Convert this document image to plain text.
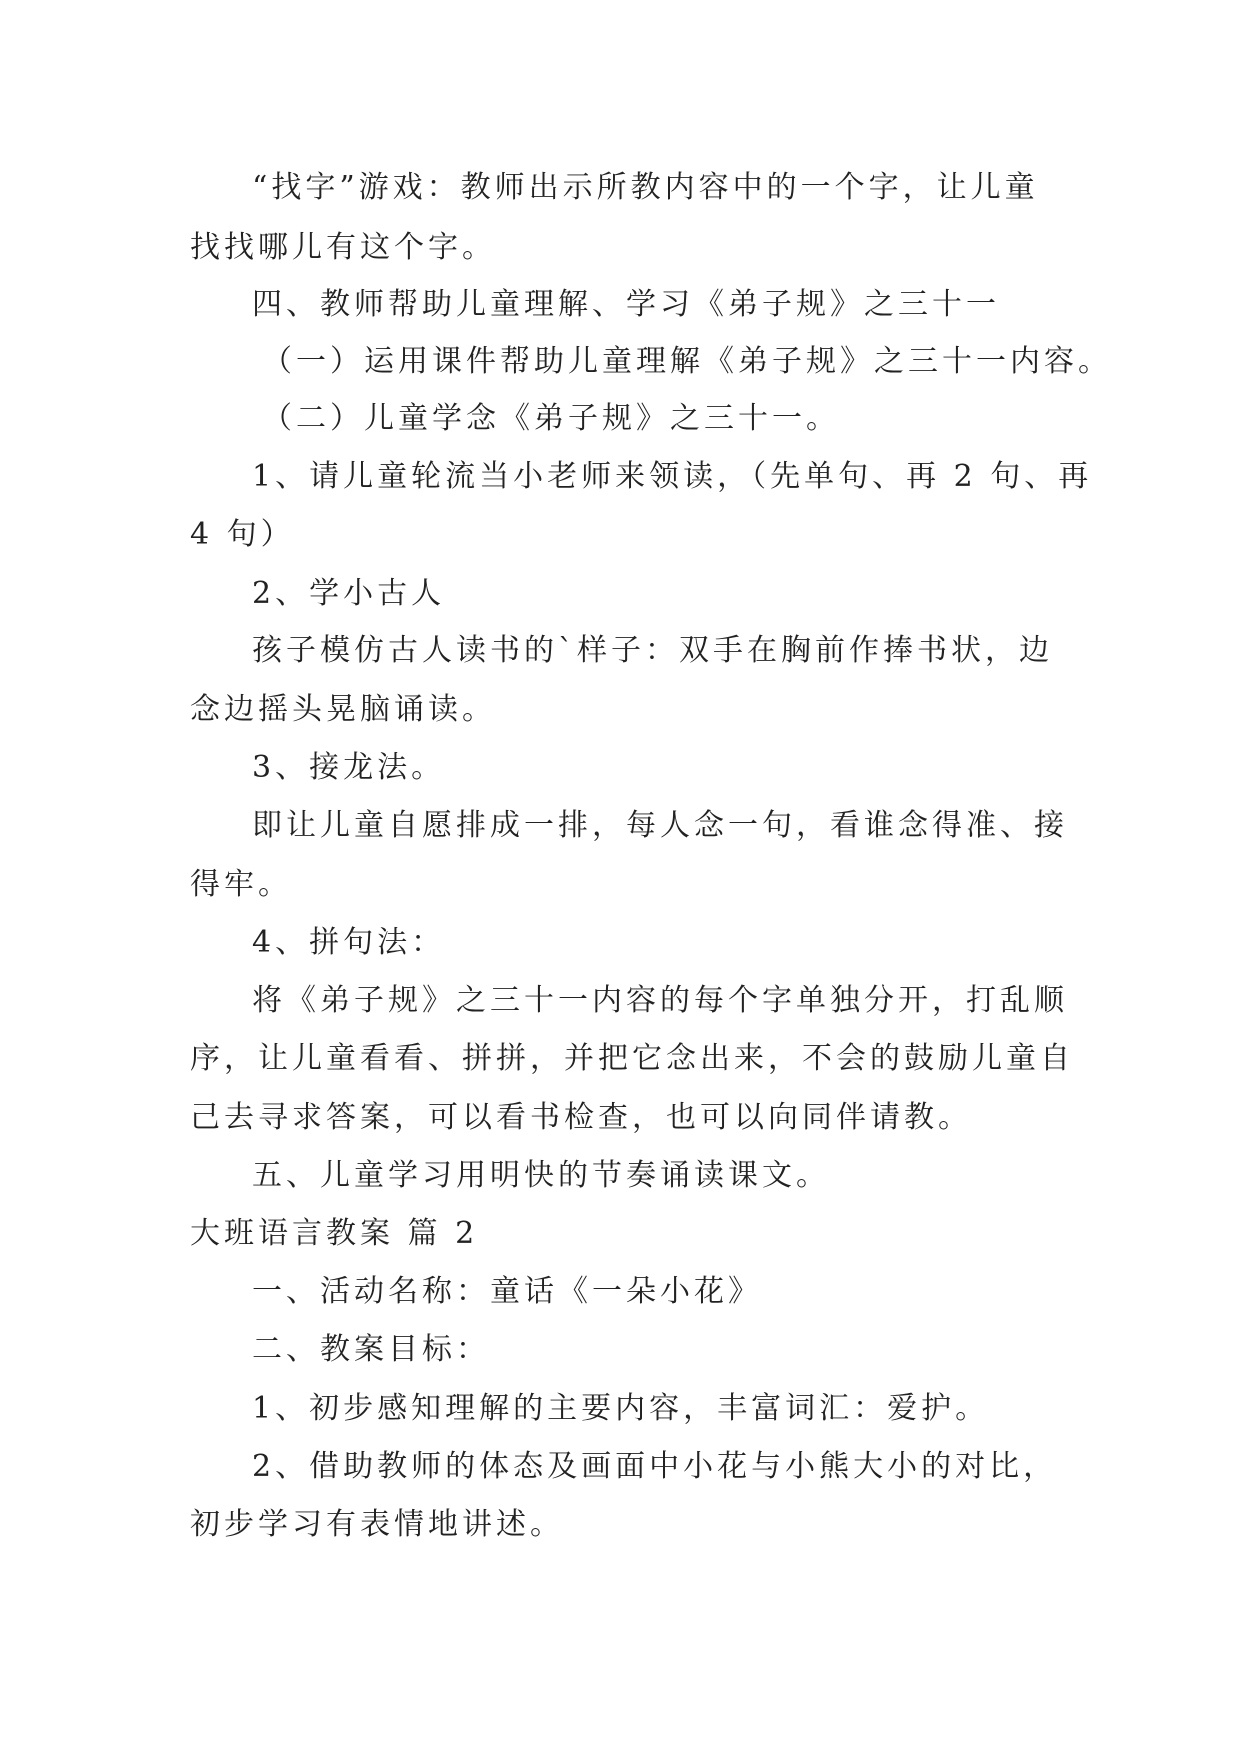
“找字”游戏：教师出示所教内容中的一个字，让儿童
找找哪儿有这个字。
四、教师帮助儿童理解、学习《弟子规》之三十一
（一）运用课件帮助儿童理解《弟子规》之三十一内容。
（二）儿童学念《弟子规》之三十一。
1、请儿童轮流当小老师来领读，（先单句、再 2 句、再
4 句）
2、学小古人
孩子模仿古人读书的`样子：双手在胸前作捧书状，边
念边摇头晃脑诵读。
3、接龙法。
即让儿童自愿排成一排，每人念一句，看谁念得准、接
得牢。
4、拼句法：
将《弟子规》之三十一内容的每个字单独分开，打乱顺
序，让儿童看看、拼拼，并把它念出来，不会的鼓励儿童自
己去寻求答案，可以看书检查，也可以向同伴请教。
五、儿童学习用明快的节奏诵读课文。
大班语言教案 篇 2
一、活动名称：童话《一朵小花》
二、教案目标：
1、初步感知理解的主要内容，丰富词汇：爱护。
2、借助教师的体态及画面中小花与小熊大小的对比，
初步学习有表情地讲述。
